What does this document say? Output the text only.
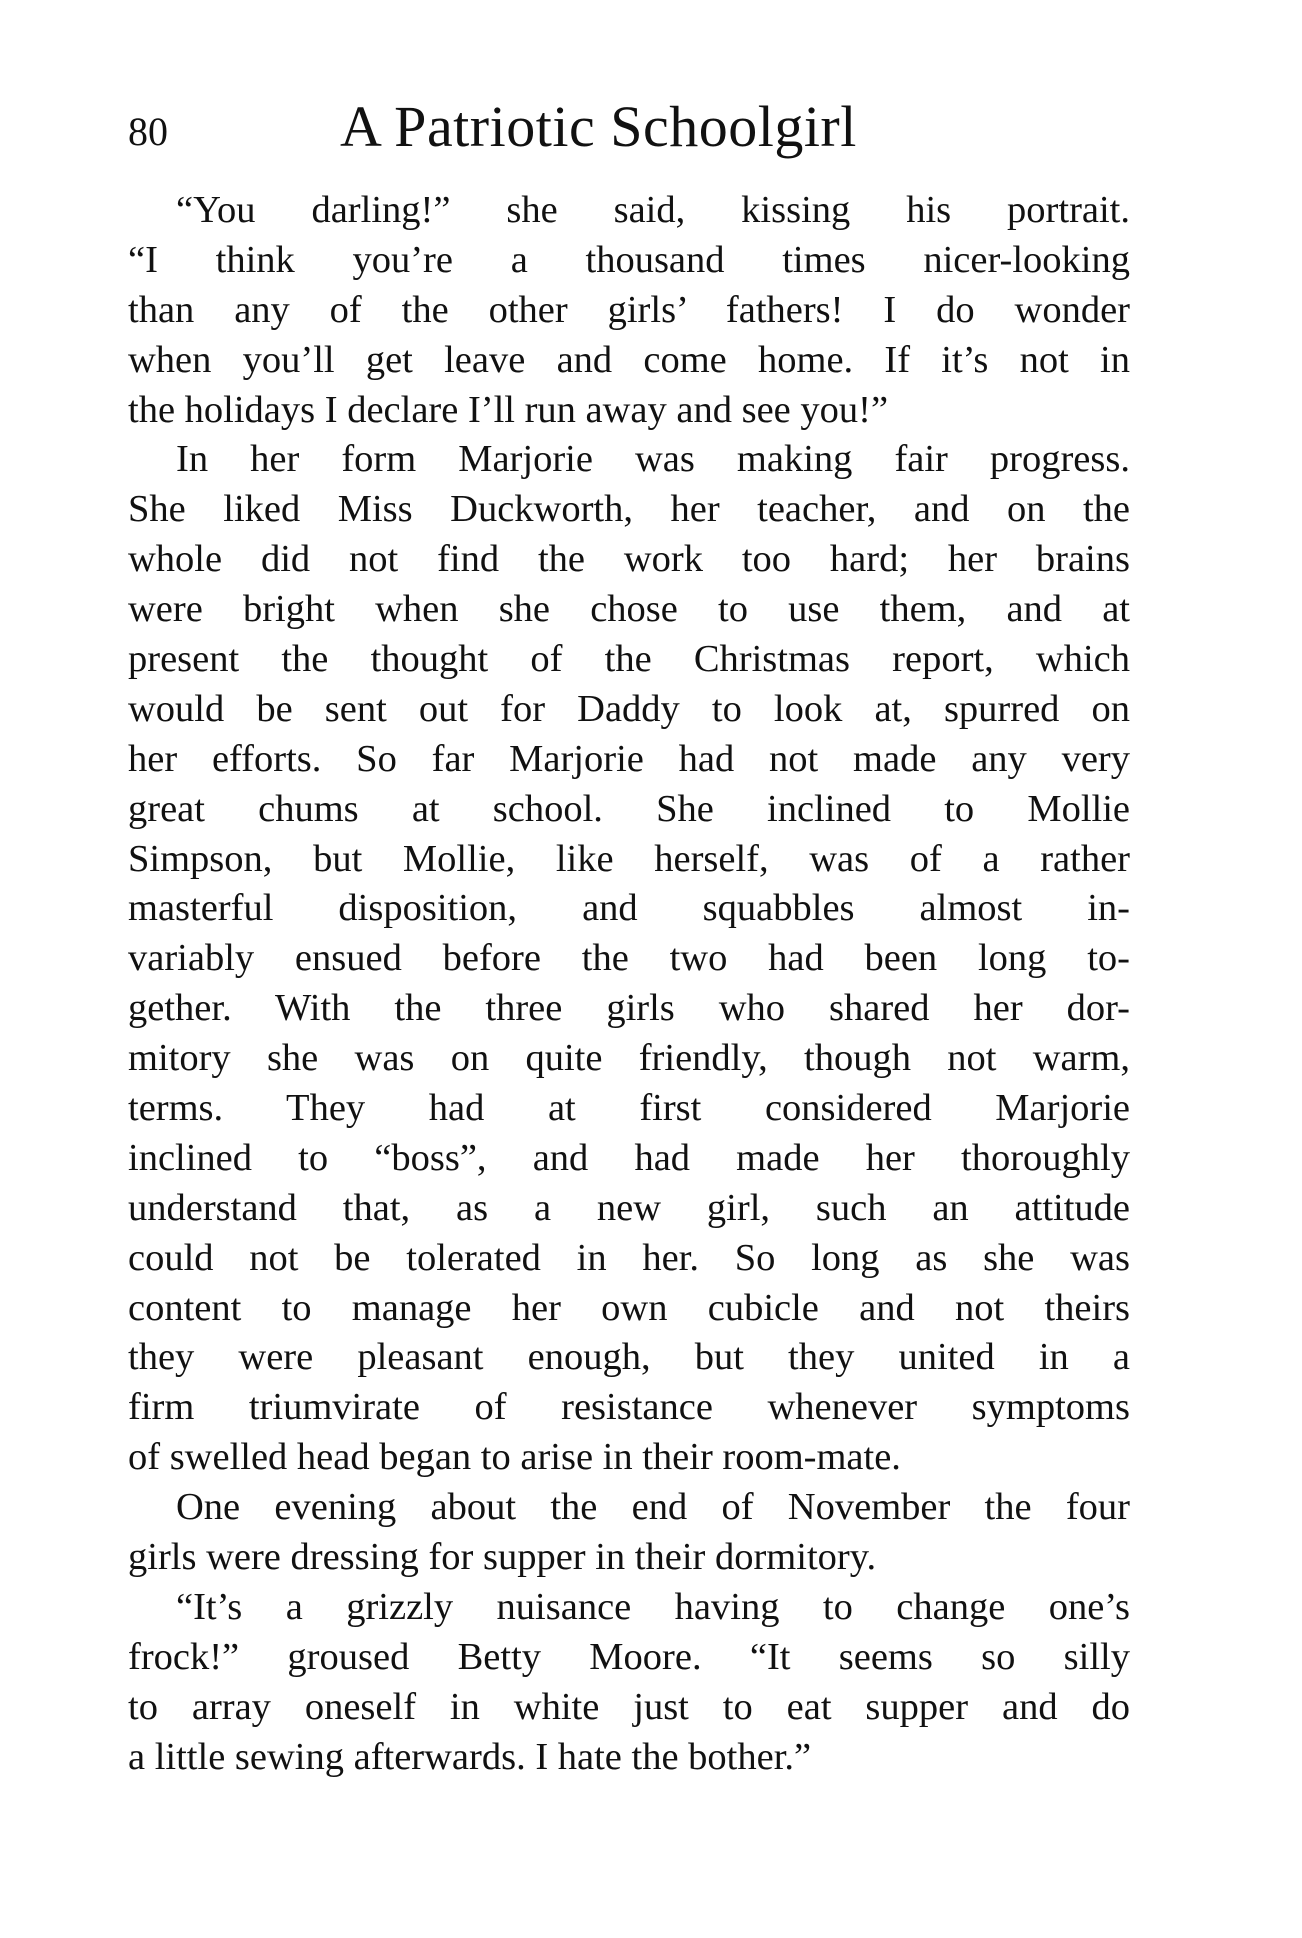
80	A Patriotic Schoolgirl
“You darling!” she said, kissing his portrait.
“I think you’re a thousand times nicer-looking
than any of the other girls’ fathers! I do wonder
when you’ll get leave and come home. If it’s not in
the holidays I declare I’ll run away and see you!”
In her form Marjorie was making fair progress.
She liked Miss Duckworth, her teacher, and on the
whole did not find the work too hard; her brains
were bright when she chose to use them, and at
present the thought of the Christmas report, which
would be sent out for Daddy to look at, spurred on
her efforts. So far Marjorie had not made any very
great chums at school. She inclined to Mollie
Simpson, but Mollie, like herself, was of a rather
masterful disposition, and squabbles almost in-
variably ensued before the two had been long to-
gether. With the three girls who shared her dor-
mitory she was on quite friendly, though not warm,
terms. They had at first considered Marjorie
inclined to “boss”, and had made her thoroughly
understand that, as a new girl, such an attitude
could not be tolerated in her. So long as she was
content to manage her own cubicle and not theirs
they were pleasant enough, but they united in a
firm triumvirate of resistance whenever symptoms
of swelled head began to arise in their room-mate.
One evening about the end of November the four
girls were dressing for supper in their dormitory.
“It’s a grizzly nuisance having to change one’s
frock!” groused Betty Moore. “It seems so silly
to array oneself in white just to eat supper and do
a little sewing afterwards. I hate the bother.”
